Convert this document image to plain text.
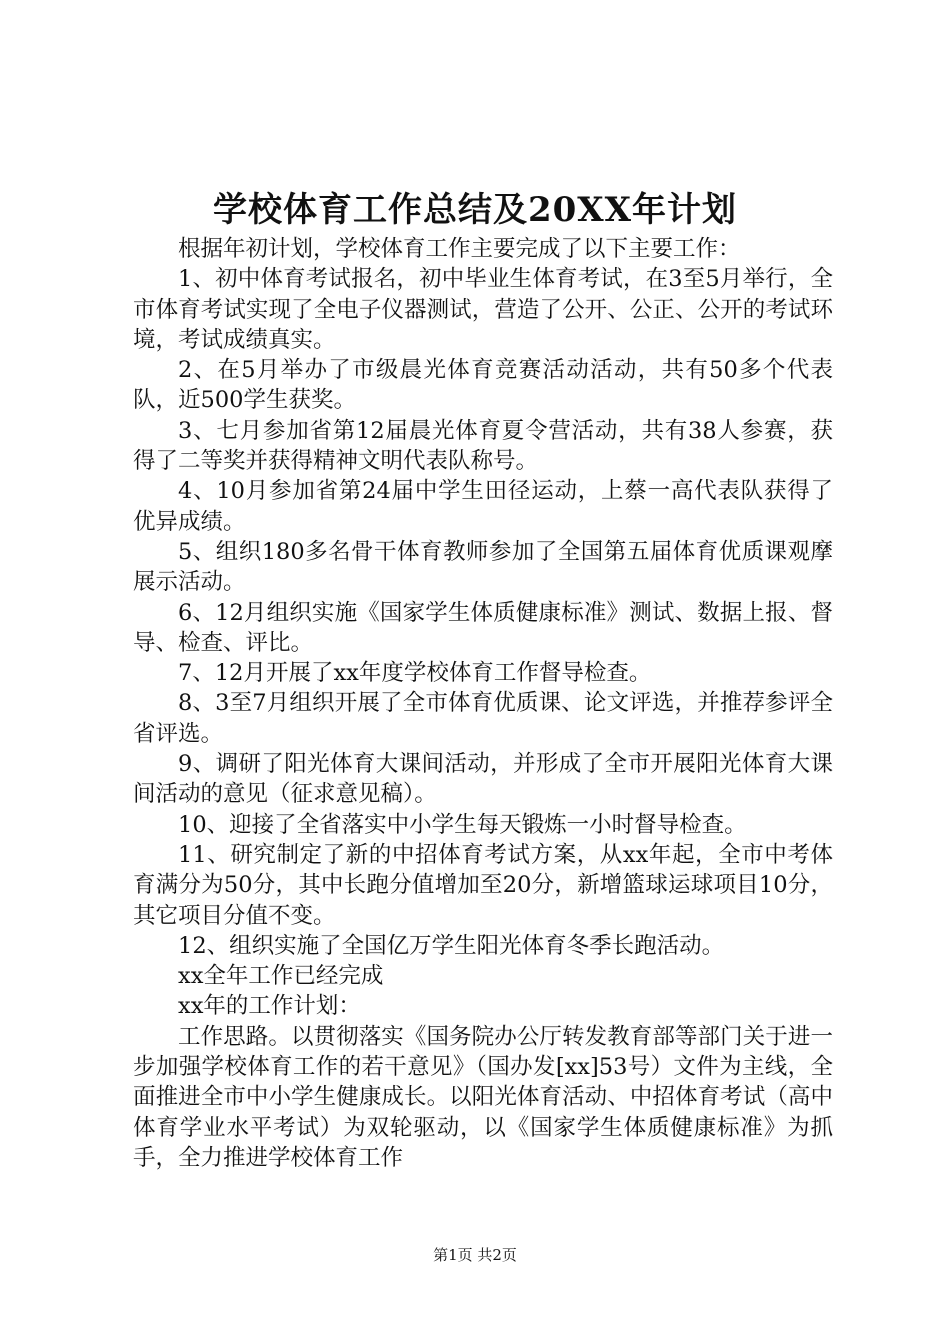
学校体育工作总结及20XX年计划

根据年初计划，学校体育工作主要完成了以下主要工作：

1、初中体育考试报名，初中毕业生体育考试，在3至5月举行，全市体育考试实现了全电子仪器测试，营造了公开、公正、公开的考试环境，考试成绩真实。

2、在5月举办了市级晨光体育竞赛活动活动，共有50多个代表队，近500学生获奖。

3、七月参加省第12届晨光体育夏令营活动，共有38人参赛，获得了二等奖并获得精神文明代表队称号。

4、10月参加省第24届中学生田径运动，上蔡一高代表队获得了优异成绩。

5、组织180多名骨干体育教师参加了全国第五届体育优质课观摩展示活动。

6、12月组织实施《国家学生体质健康标准》测试、数据上报、督导、检查、评比。

7、12月开展了xx年度学校体育工作督导检查。

8、3至7月组织开展了全市体育优质课、论文评选，并推荐参评全省评选。

9、调研了阳光体育大课间活动，并形成了全市开展阳光体育大课间活动的意见（征求意见稿）。

10、迎接了全省落实中小学生每天锻炼一小时督导检查。

11、研究制定了新的中招体育考试方案，从xx年起，全市中考体育满分为50分，其中长跑分值增加至20分，新增篮球运球项目10分，其它项目分值不变。

12、组织实施了全国亿万学生阳光体育冬季长跑活动。

xx全年工作已经完成

xx年的工作计划：

工作思路。以贯彻落实《国务院办公厅转发教育部等部门关于进一步加强学校体育工作的若干意见》（国办发[xx]53号）文件为主线，全面推进全市中小学生健康成长。以阳光体育活动、中招体育考试（高中体育学业水平考试）为双轮驱动，以《国家学生体质健康标准》为抓手，全力推进学校体育工作

第1页 共2页
